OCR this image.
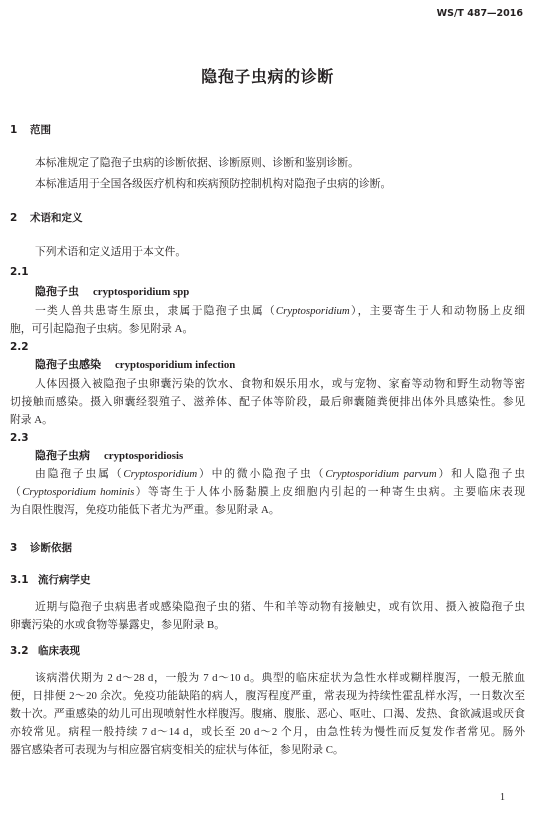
WS/T 487—2016
隐孢子虫病的诊断
1 范围
本标准规定了隐孢子虫病的诊断依据、诊断原则、诊断和鉴别诊断。
本标准适用于全国各级医疗机构和疾病预防控制机构对隐孢子虫病的诊断。
2 术语和定义
下列术语和定义适用于本文件。
2.1
隐孢子虫 cryptosporidium spp
一类人兽共患寄生原虫，隶属于隐孢子虫属（Cryptosporidium），主要寄生于人和动物肠上皮细
胞，可引起隐孢子虫病。参见附录 A。
2.2
隐孢子虫感染 cryptosporidium infection
人体因摄入被隐孢子虫卵囊污染的饮水、食物和娱乐用水，或与宠物、家畜等动物和野生动物等密
切接触而感染。摄入卵囊经裂殖子、滋养体、配子体等阶段，最后卵囊随粪便排出体外具感染性。参见
附录 A。
2.3
隐孢子虫病 cryptosporidiosis
由隐孢子虫属（Cryptosporidium）中的微小隐孢子虫（Cryptosporidium parvum）和人隐孢子虫
（Cryptosporidium hominis）等寄生于人体小肠黏膜上皮细胞内引起的一种寄生虫病。主要临床表现
为自限性腹泻，免疫功能低下者尤为严重。参见附录 A。
3 诊断依据
3.1 流行病学史
近期与隐孢子虫病患者或感染隐孢子虫的猪、牛和羊等动物有接触史，或有饮用、摄入被隐孢子虫
卵囊污染的水或食物等暴露史，参见附录 B。
3.2 临床表现
该病潜伏期为 2 d～28 d，一般为 7 d～10 d。典型的临床症状为急性水样或糊样腹泻，一般无脓血
便，日排便 2～20 余次。免疫功能缺陷的病人，腹泻程度严重，常表现为持续性霍乱样水泻，一日数次至
数十次。严重感染的幼儿可出现喷射性水样腹泻。腹痛、腹胀、恶心、呕吐、口渴、发热、食欲减退或厌食
亦较常见。病程一般持续 7 d～14 d，或长至 20 d～2 个月，由急性转为慢性而反复发作者常见。肠外
器官感染者可表现为与相应器官病变相关的症状与体征，参见附录 C。
1
